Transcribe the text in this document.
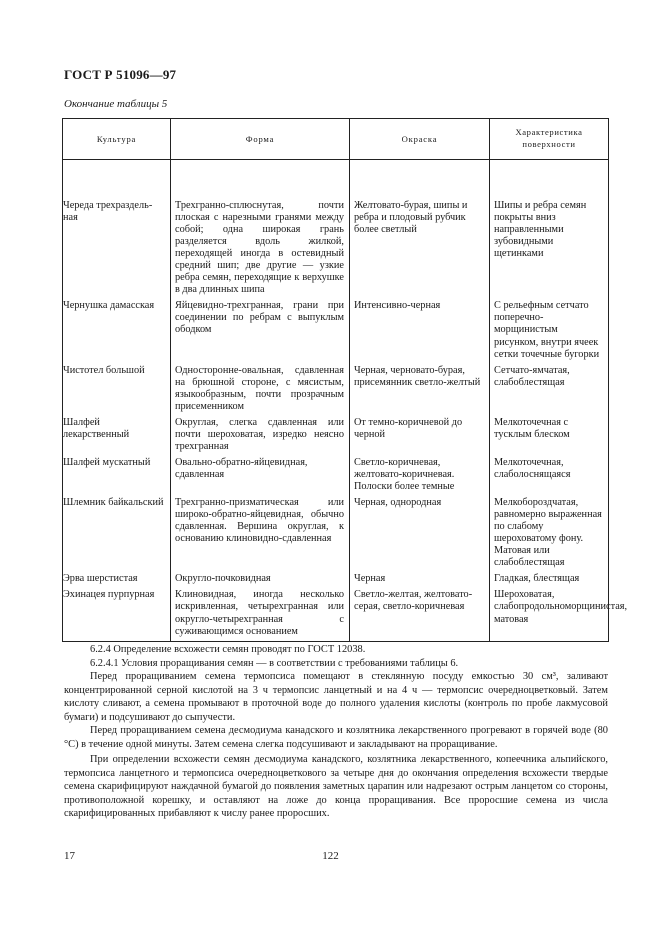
ГОСТ Р 51096—97
Окончание таблицы 5
Культура	Форма	Окраска	Характеристика поверхности
Череда трехраздель-ная	Трехгранно-сплюснутая, почти плоская с нарезными гранями между собой; одна широкая грань разделяется вдоль жилкой, переходящей иногда в остевидный средний шип; две другие — узкие ребра семян, переходящие к верхушке в два длинных шипа	Желтовато-бурая, шипы и ребра и плодовый рубчик более светлый	Шипы и ребра семян покрыты вниз направленными зубовидными щетинками
Чернушка дамасская	Яйцевидно-трехгранная, грани при соединении по ребрам с выпуклым ободком	Интенсивно-черная	С рельефным сетчато поперечно-морщинистым рисунком, внутри ячеек сетки точечные бугорки
Чистотел большой	Одностороннe-овальная, сдавленная на брюшной стороне, с мясистым, языкообразным, почти прозрачным присеменником	Черная, черновато-бурая, присемянник светло-желтый	Сетчато-ямчатая, слабоблестящая
Шалфей лекарственный	Округлая, слегка сдавленная или почти шероховатая, изредко неясно трехгранная	От темно-коричневой до черной	Мелкоточечная с тусклым блеском
Шалфей мускатный	Овально-обратно-яйцевидная, сдавленная	Светло-коричневая, желтовато-коричневая. Полоски более темные	Мелкоточечная, слаболоснящаяся
Шлемник байкальский	Трехгранно-призматическая или широко-обратно-яйцевидная, обычно сдавленная. Вершина округлая, к основанию клиновидно-сдавленная	Черная, однородная	Мелкобороздчатая, равномерно выраженная по слабому шероховатому фону. Матовая или слабоблестящая
Эрва шерстистая	Округло-почковидная	Черная	Гладкая, блестящая
Эхинацея пурпурная	Клиновидная, иногда несколько искривленная, четырехгранная или округло-четырехгранная с суживающимся основанием	Светло-желтая, желтовато-серая, светло-коричневая	Шероховатая, слабопродольноморщинистая, матовая

6.2.4 Определение всхожести семян проводят по ГОСТ 12038.

6.2.4.1 Условия проращивания семян — в соответствии с требованиями таблицы 6.

Перед проращиванием семена термопсиса помещают в стеклянную посуду емкостью 30 см³, заливают концентрированной серной кислотой на 3 ч термопсис ланцетный и на 4 ч — термопсис очередноцветковый. Затем кислоту сливают, а семена промывают в проточной воде до полного удаления кислоты (контроль по пробе лакмусовой бумаги) и подсушивают до сыпучести.

Перед проращиванием семена десмодиума канадского и козлятника лекарственного прогревают в горячей воде (80 °С) в течение одной минуты. Затем семена слегка подсушивают и закладывают на проращивание.

При определении всхожести семян десмодиума канадского, козлятника лекарственного, копеечника альпийского, термопсиса ланцетного и термопсиса очередноцветкового за четыре дня до окончания определения всхожести твердые семена скарифицируют наждачной бумагой до появления заметных царапин или надрезают острым ланцетом со стороны, противоположной корешку, и оставляют на ложе до конца проращивания. Все проросшие семена из числа скарифицированных прибавляют к числу ранее проросших.

17	122
